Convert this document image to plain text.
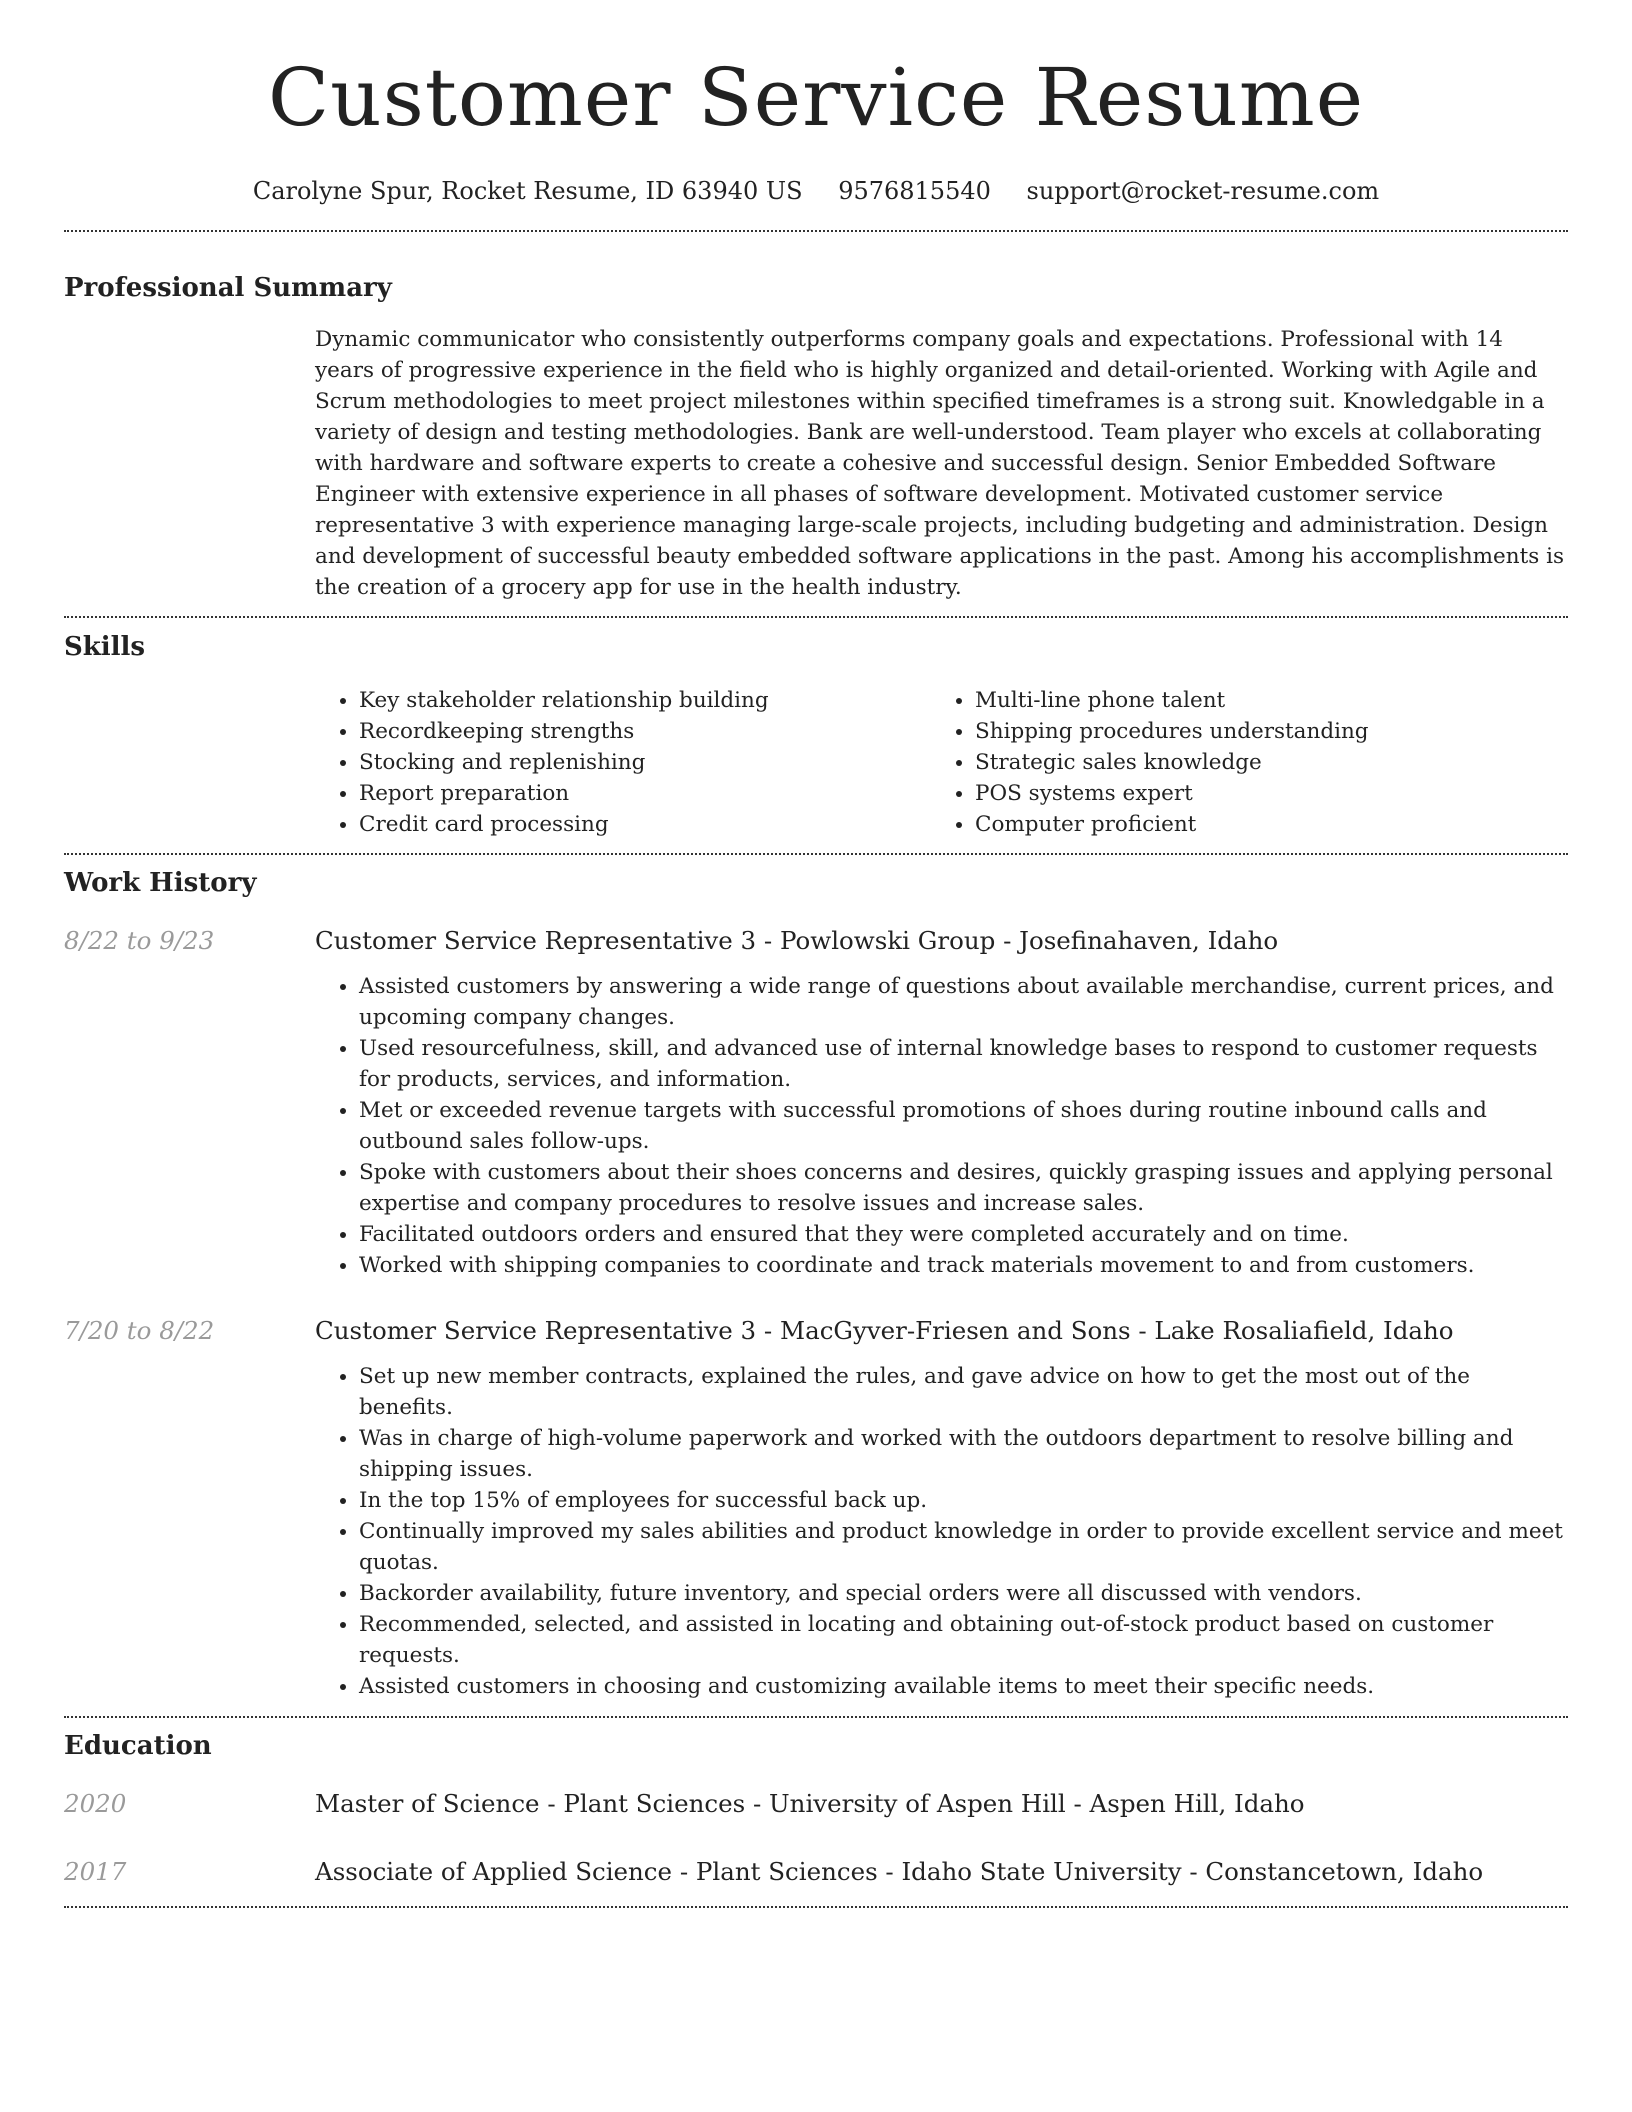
Customer Service Resume
Carolyne Spur, Rocket Resume, ID 63940 US 9576815540 support@rocket-resume.com
Professional Summary

Dynamic communicator who consistently outperforms company goals and expectations. Professional with 14 years of progressive experience in the field who is highly organized and detail-oriented. Working with Agile and Scrum methodologies to meet project milestones within specified timeframes is a strong suit. Knowledgable in a variety of design and testing methodologies. Bank are well-understood. Team player who excels at collaborating with hardware and software experts to create a cohesive and successful design. Senior Embedded Software Engineer with extensive experience in all phases of software development. Motivated customer service representative 3 with experience managing large-scale projects, including budgeting and administration. Design and development of successful beauty embedded software applications in the past. Among his accomplishments is the creation of a grocery app for use in the health industry.

Skills
• Key stakeholder relationship building
• Recordkeeping strengths
• Stocking and replenishing
• Report preparation
• Credit card processing
• Multi-line phone talent
• Shipping procedures understanding
• Strategic sales knowledge
• POS systems expert
• Computer proficient
Work History
8/22 to 9/23	Customer Service Representative 3 - Powlowski Group - Josefinahaven, Idaho
• Assisted customers by answering a wide range of questions about available merchandise, current prices, and upcoming company changes.
• Used resourcefulness, skill, and advanced use of internal knowledge bases to respond to customer requests for products, services, and information.
• Met or exceeded revenue targets with successful promotions of shoes during routine inbound calls and outbound sales follow-ups.
• Spoke with customers about their shoes concerns and desires, quickly grasping issues and applying personal expertise and company procedures to resolve issues and increase sales.
• Facilitated outdoors orders and ensured that they were completed accurately and on time.
• Worked with shipping companies to coordinate and track materials movement to and from customers.
7/20 to 8/22	Customer Service Representative 3 - MacGyver-Friesen and Sons - Lake Rosaliafield, Idaho
• Set up new member contracts, explained the rules, and gave advice on how to get the most out of the benefits.
• Was in charge of high-volume paperwork and worked with the outdoors department to resolve billing and shipping issues.
• In the top 15% of employees for successful back up.
• Continually improved my sales abilities and product knowledge in order to provide excellent service and meet quotas.
• Backorder availability, future inventory, and special orders were all discussed with vendors.
• Recommended, selected, and assisted in locating and obtaining out-of-stock product based on customer requests.
• Assisted customers in choosing and customizing available items to meet their specific needs.
Education
2020	Master of Science - Plant Sciences - University of Aspen Hill - Aspen Hill, Idaho
2017	Associate of Applied Science - Plant Sciences - Idaho State University - Constancetown, Idaho
